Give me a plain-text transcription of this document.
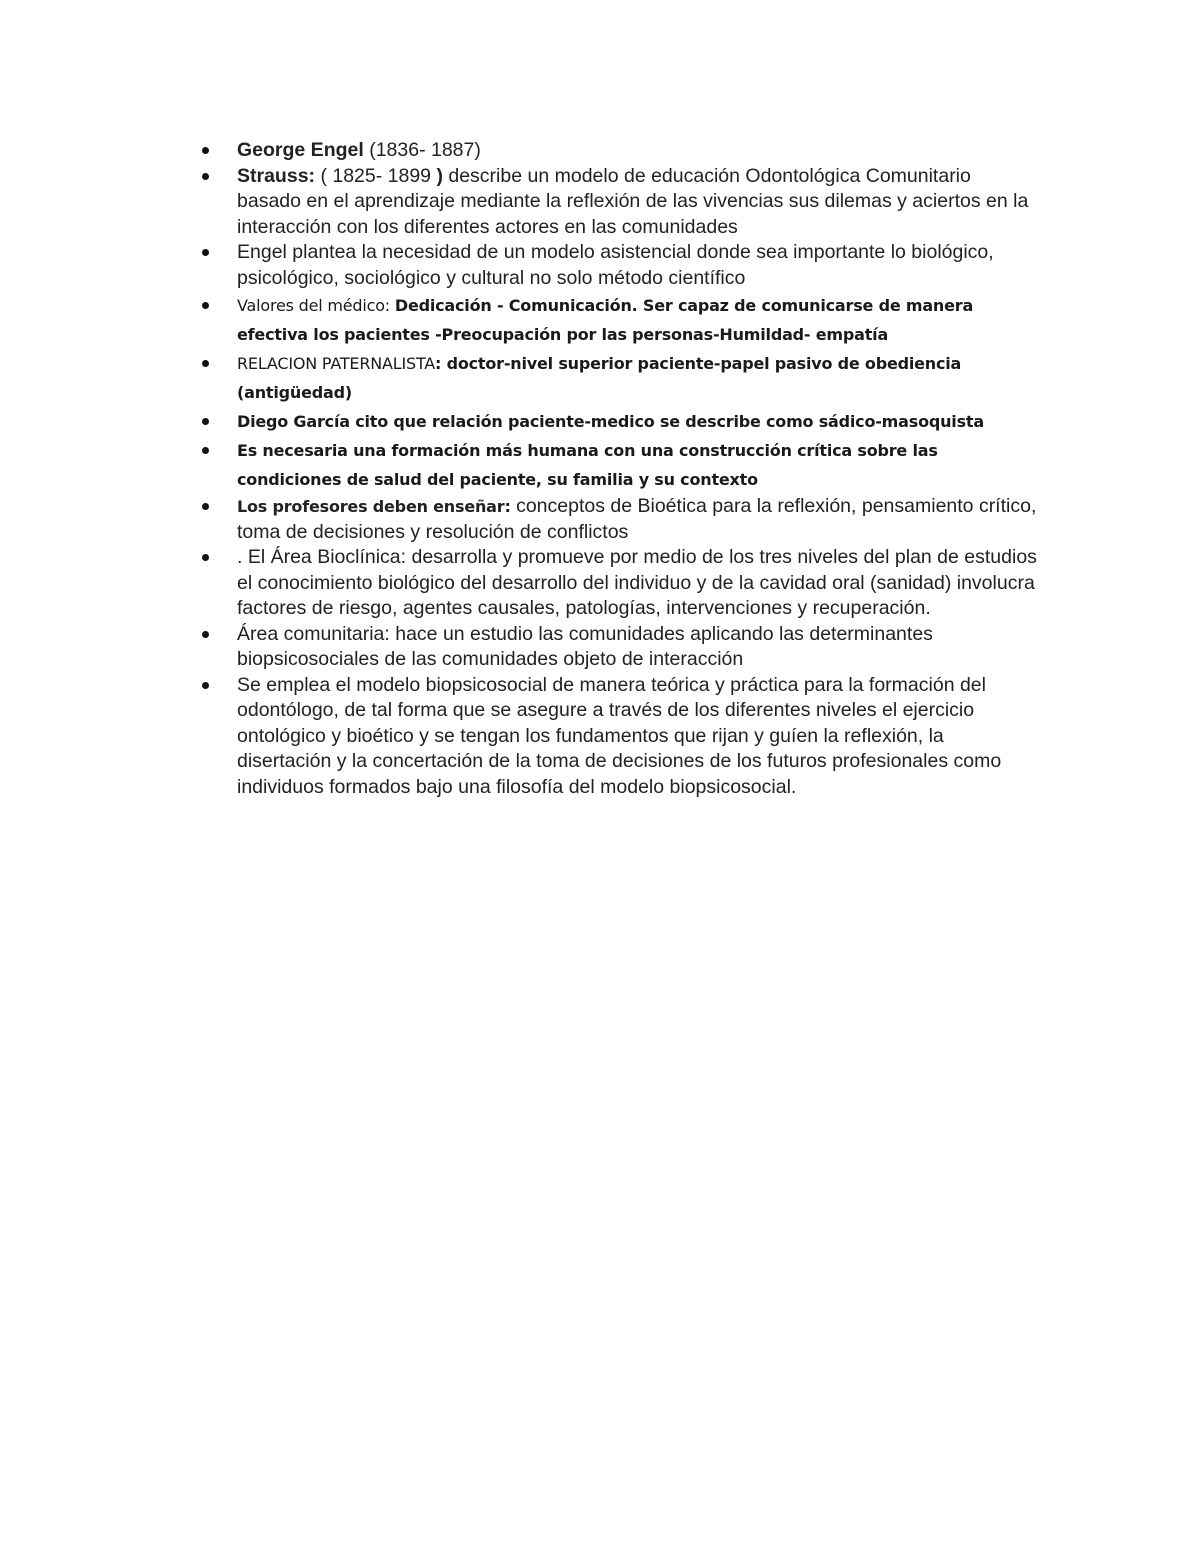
George Engel (1836- 1887)
Strauss: ( 1825- 1899 ) describe un modelo de educación Odontológica Comunitario basado en el aprendizaje mediante la reflexión de las vivencias sus dilemas y aciertos en la interacción con los diferentes actores en las comunidades
Engel plantea la necesidad de un modelo asistencial donde sea importante lo biológico, psicológico, sociológico y cultural no solo método científico
Valores del médico: Dedicación - Comunicación. Ser capaz de comunicarse de manera efectiva los pacientes -Preocupación por las personas-Humildad- empatía
RELACION PATERNALISTA: doctor-nivel superior paciente-papel pasivo de obediencia (antigüedad)
Diego García cito que relación paciente-medico se describe como sádico-masoquista
Es necesaria una formación más humana con una construcción crítica sobre las condiciones de salud del paciente, su familia y su contexto
Los profesores deben enseñar: conceptos de Bioética para la reflexión, pensamiento crítico, toma de decisiones y resolución de conflictos
. El Área Bioclínica: desarrolla y promueve por medio de los tres niveles del plan de estudios el conocimiento biológico del desarrollo del individuo y de la cavidad oral (sanidad) involucra factores de riesgo, agentes causales, patologías, intervenciones y recuperación.
Área comunitaria: hace un estudio las comunidades aplicando las determinantes biopsicosociales de las comunidades objeto de interacción
Se emplea el modelo biopsicosocial de manera teórica y práctica para la formación del odontólogo, de tal forma que se asegure a través de los diferentes niveles el ejercicio ontológico y bioético y se tengan los fundamentos que rijan y guíen la reflexión, la disertación y la concertación de la toma de decisiones de los futuros profesionales como individuos formados bajo una filosofía del modelo biopsicosocial.
